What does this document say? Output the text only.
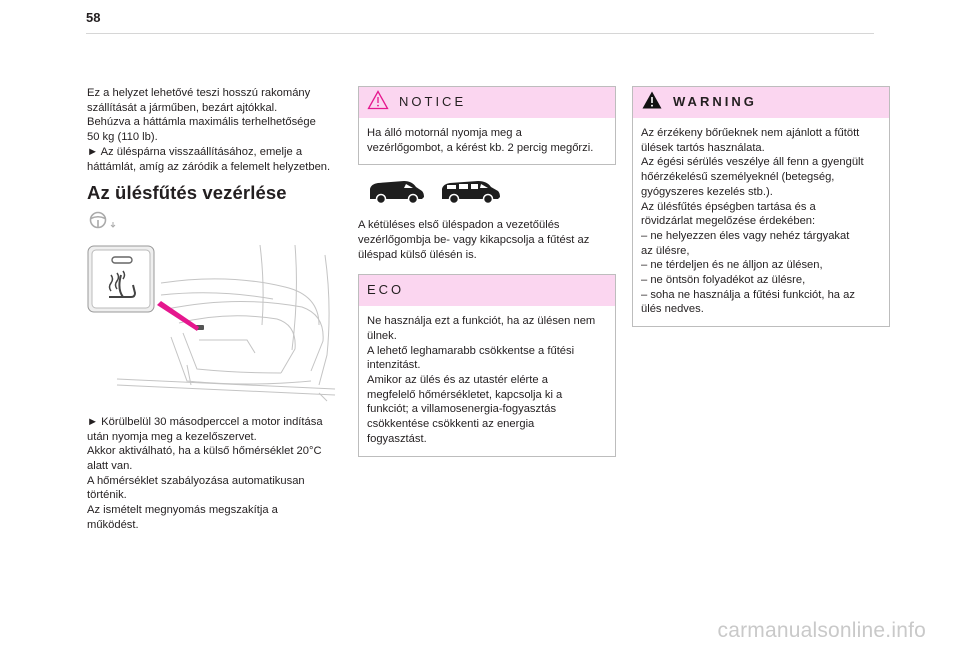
58

Ez a helyzet lehetővé teszi hosszú rakomány

szállítását a járműben, bezárt ajtókkal.

Behúzva a háttámla maximális terhelhetősége

50 kg (110 lb).

► Az üléspárna visszaállításához, emelje a

háttámlát, amíg az záródik a felemelt helyzetben.

Az ülésfűtés vezérlése

► Körülbelül 30 másodperccel a motor indítása

után nyomja meg a kezelőszervet.

Akkor aktiválható, ha a külső hőmérséklet 20°C

alatt van.

A hőmérséklet szabályozása automatikusan

történik.

Az ismételt megnyomás megszakítja a

működést.

NOTICE

Ha álló motornál nyomja meg a

vezérlőgombot, a kérést kb. 2 percig megőrzi.

A kétüléses első üléspadon a vezetőülés

vezérlőgombja be- vagy kikapcsolja a fűtést az

üléspad külső ülésén is.

ECO

Ne használja ezt a funkciót, ha az ülésen nem

ülnek.

A lehető leghamarabb csökkentse a fűtési

intenzitást.

Amikor az ülés és az utastér elérte a

megfelelő hőmérsékletet, kapcsolja ki a

funkciót; a villamosenergia-fogyasztás

csökkentése csökkenti az energia

fogyasztást.

WARNING

Az érzékeny bőrűeknek nem ajánlott a fűtött

ülések tartós használata.

Az égési sérülés veszélye áll fenn a gyengült

hőérzékelésű személyeknél (betegség,

gyógyszeres kezelés stb.).

Az ülésfűtés épségben tartása és a

rövidzárlat megelőzése érdekében:

– ne helyezzen éles vagy nehéz tárgyakat

az ülésre,

– ne térdeljen és ne álljon az ülésen,

– ne öntsön folyadékot az ülésre,

– soha ne használja a fűtési funkciót, ha az

ülés nedves.

carmanualsonline.info
